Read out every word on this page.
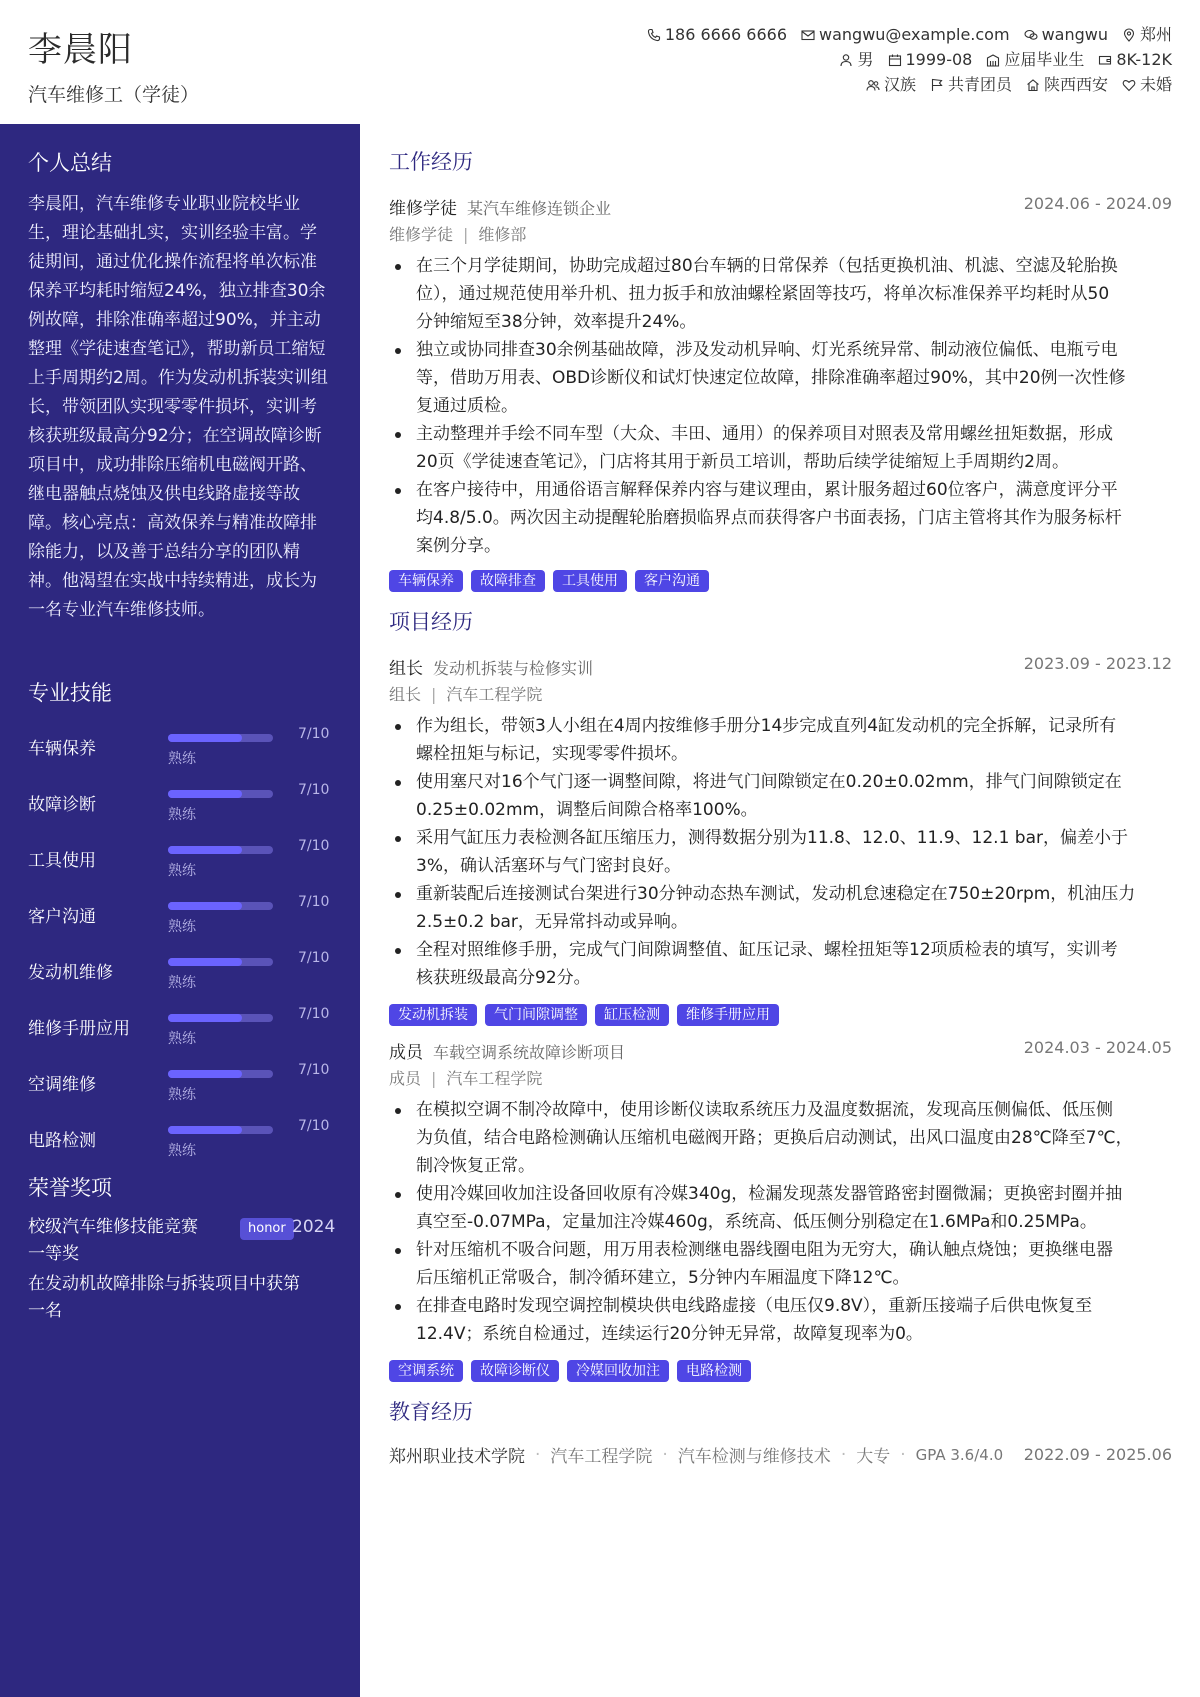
李晨阳
汽车维修工（学徒）
186 6666 6666 wangwu@example.com wangwu 郑州
男 1999-08 应届毕业生 8K-12K
汉族 共青团员 陕西西安 未婚
个人总结

李晨阳，汽车维修专业职业院校毕业生，理论基础扎实，实训经验丰富。学徒期间，通过优化操作流程将单次标准保养平均耗时缩短24%，独立排查30余例故障，排除准确率超过90%，并主动整理《学徒速查笔记》，帮助新员工缩短上手周期约2周。作为发动机拆装实训组长，带领团队实现零零件损坏，实训考核获班级最高分92分；在空调故障诊断项目中，成功排除压缩机电磁阀开路、继电器触点烧蚀及供电线路虚接等故障。核心亮点：高效保养与精准故障排除能力，以及善于总结分享的团队精神。他渴望在实战中持续精进，成长为一名专业汽车维修技师。

专业技能
车辆保养
7/10
熟练
故障诊断
7/10
熟练
工具使用
7/10
熟练
客户沟通
7/10
熟练
发动机维修
7/10
熟练
维修手册应用
7/10
熟练
空调维修
7/10
熟练
电路检测
7/10
熟练
荣誉奖项
校级汽车维修技能竞赛	honor 2024
一等奖
在发动机故障排除与拆装项目中获第
一名
工作经历
维修学徒 某汽车维修连锁企业	2024.06 - 2024.09
维修学徒 | 维修部
在三个月学徒期间，协助完成超过80台车辆的日常保养（包括更换机油、机滤、空滤及轮胎换
位），通过规范使用举升机、扭力扳手和放油螺栓紧固等技巧，将单次标准保养平均耗时从50
分钟缩短至38分钟，效率提升24%。
独立或协同排查30余例基础故障，涉及发动机异响、灯光系统异常、制动液位偏低、电瓶亏电
等，借助万用表、OBD诊断仪和试灯快速定位故障，排除准确率超过90%，其中20例一次性修
复通过质检。
主动整理并手绘不同车型（大众、丰田、通用）的保养项目对照表及常用螺丝扭矩数据，形成
20页《学徒速查笔记》，门店将其用于新员工培训，帮助后续学徒缩短上手周期约2周。
在客户接待中，用通俗语言解释保养内容与建议理由，累计服务超过60位客户，满意度评分平
均4.8/5.0。两次因主动提醒轮胎磨损临界点而获得客户书面表扬，门店主管将其作为服务标杆
案例分享。
车辆保养	故障排查	工具使用	客户沟通
项目经历
组长 发动机拆装与检修实训	2023.09 - 2023.12
组长 | 汽车工程学院
作为组长，带领3人小组在4周内按维修手册分14步完成直列4缸发动机的完全拆解，记录所有
螺栓扭矩与标记，实现零零件损坏。
使用塞尺对16个气门逐一调整间隙，将进气门间隙锁定在0.20±0.02mm，排气门间隙锁定在
0.25±0.02mm，调整后间隙合格率100%。
采用气缸压力表检测各缸压缩压力，测得数据分别为11.8、12.0、11.9、12.1 bar，偏差小于
3%，确认活塞环与气门密封良好。
重新装配后连接测试台架进行30分钟动态热车测试，发动机怠速稳定在750±20rpm，机油压力
2.5±0.2 bar，无异常抖动或异响。
全程对照维修手册，完成气门间隙调整值、缸压记录、螺栓扭矩等12项质检表的填写，实训考
核获班级最高分92分。
发动机拆装	气门间隙调整	缸压检测	维修手册应用
成员 车载空调系统故障诊断项目	2024.03 - 2024.05
成员 | 汽车工程学院
在模拟空调不制冷故障中，使用诊断仪读取系统压力及温度数据流，发现高压侧偏低、低压侧
为负值，结合电路检测确认压缩机电磁阀开路；更换后启动测试，出风口温度由28℃降至7℃，
制冷恢复正常。
使用冷媒回收加注设备回收原有冷媒340g，检漏发现蒸发器管路密封圈微漏；更换密封圈并抽
真空至-0.07MPa，定量加注冷媒460g，系统高、低压侧分别稳定在1.6MPa和0.25MPa。
针对压缩机不吸合问题，用万用表检测继电器线圈电阻为无穷大，确认触点烧蚀；更换继电器
后压缩机正常吸合，制冷循环建立，5分钟内车厢温度下降12℃。
在排查电路时发现空调控制模块供电线路虚接（电压仅9.8V），重新压接端子后供电恢复至
12.4V；系统自检通过，连续运行20分钟无异常，故障复现率为0。
空调系统	故障诊断仪	冷媒回收加注	电路检测
教育经历
郑州职业技术学院 · 汽车工程学院 · 汽车检测与维修技术 · 大专 · GPA 3.6/4.0 2022.09 - 2025.06
